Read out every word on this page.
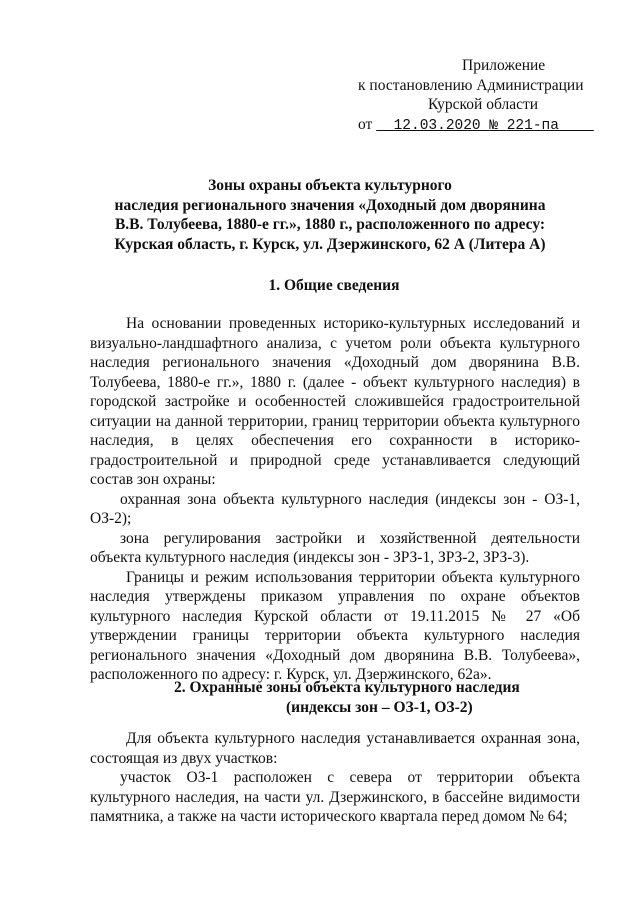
Приложение
к постановлению Администрации
Курской области
от 12.03.2020 № 221-па
Зоны охраны объекта культурного
наследия регионального значения «Доходный дом дворянина
В.В. Толубеева, 1880-е гг.», 1880 г., расположенного по адресу:
Курская область, г. Курск, ул. Дзержинского, 62 А (Литера А)
1. Общие сведения

На основании проведенных историко-культурных исследований и визуально-ландшафтного анализа, с учетом роли объекта культурного наследия регионального значения «Доходный дом дворянина В.В. Толубеева, 1880-е гг.», 1880 г. (далее - объект культурного наследия) в городской застройке и особенностей сложившейся градостроительной ситуации на данной территории, границ территории объекта культурного наследия, в целях обеспечения его сохранности в историко-градостроительной и природной среде устанавливается следующий состав зон охраны:

охранная зона объекта культурного наследия (индексы зон - ОЗ-1, ОЗ-2);

зона регулирования застройки и хозяйственной деятельности объекта культурного наследия (индексы зон - ЗРЗ-1, ЗРЗ-2, ЗРЗ-3).

Границы и режим использования территории объекта культурного наследия утверждены приказом управления по охране объектов культурного наследия Курской области от 19.11.2015 № 27 «Об утверждении границы территории объекта культурного наследия регионального значения «Доходный дом дворянина В.В. Толубеева», расположенного по адресу: г. Курск, ул. Дзержинского, 62а».

2. Охранные зоны объекта культурного наследия
(индексы зон – ОЗ-1, ОЗ-2)

Для объекта культурного наследия устанавливается охранная зона, состоящая из двух участков:

участок ОЗ-1 расположен с севера от территории объекта культурного наследия, на части ул. Дзержинского, в бассейне видимости памятника, а также на части исторического квартала перед домом № 64;
